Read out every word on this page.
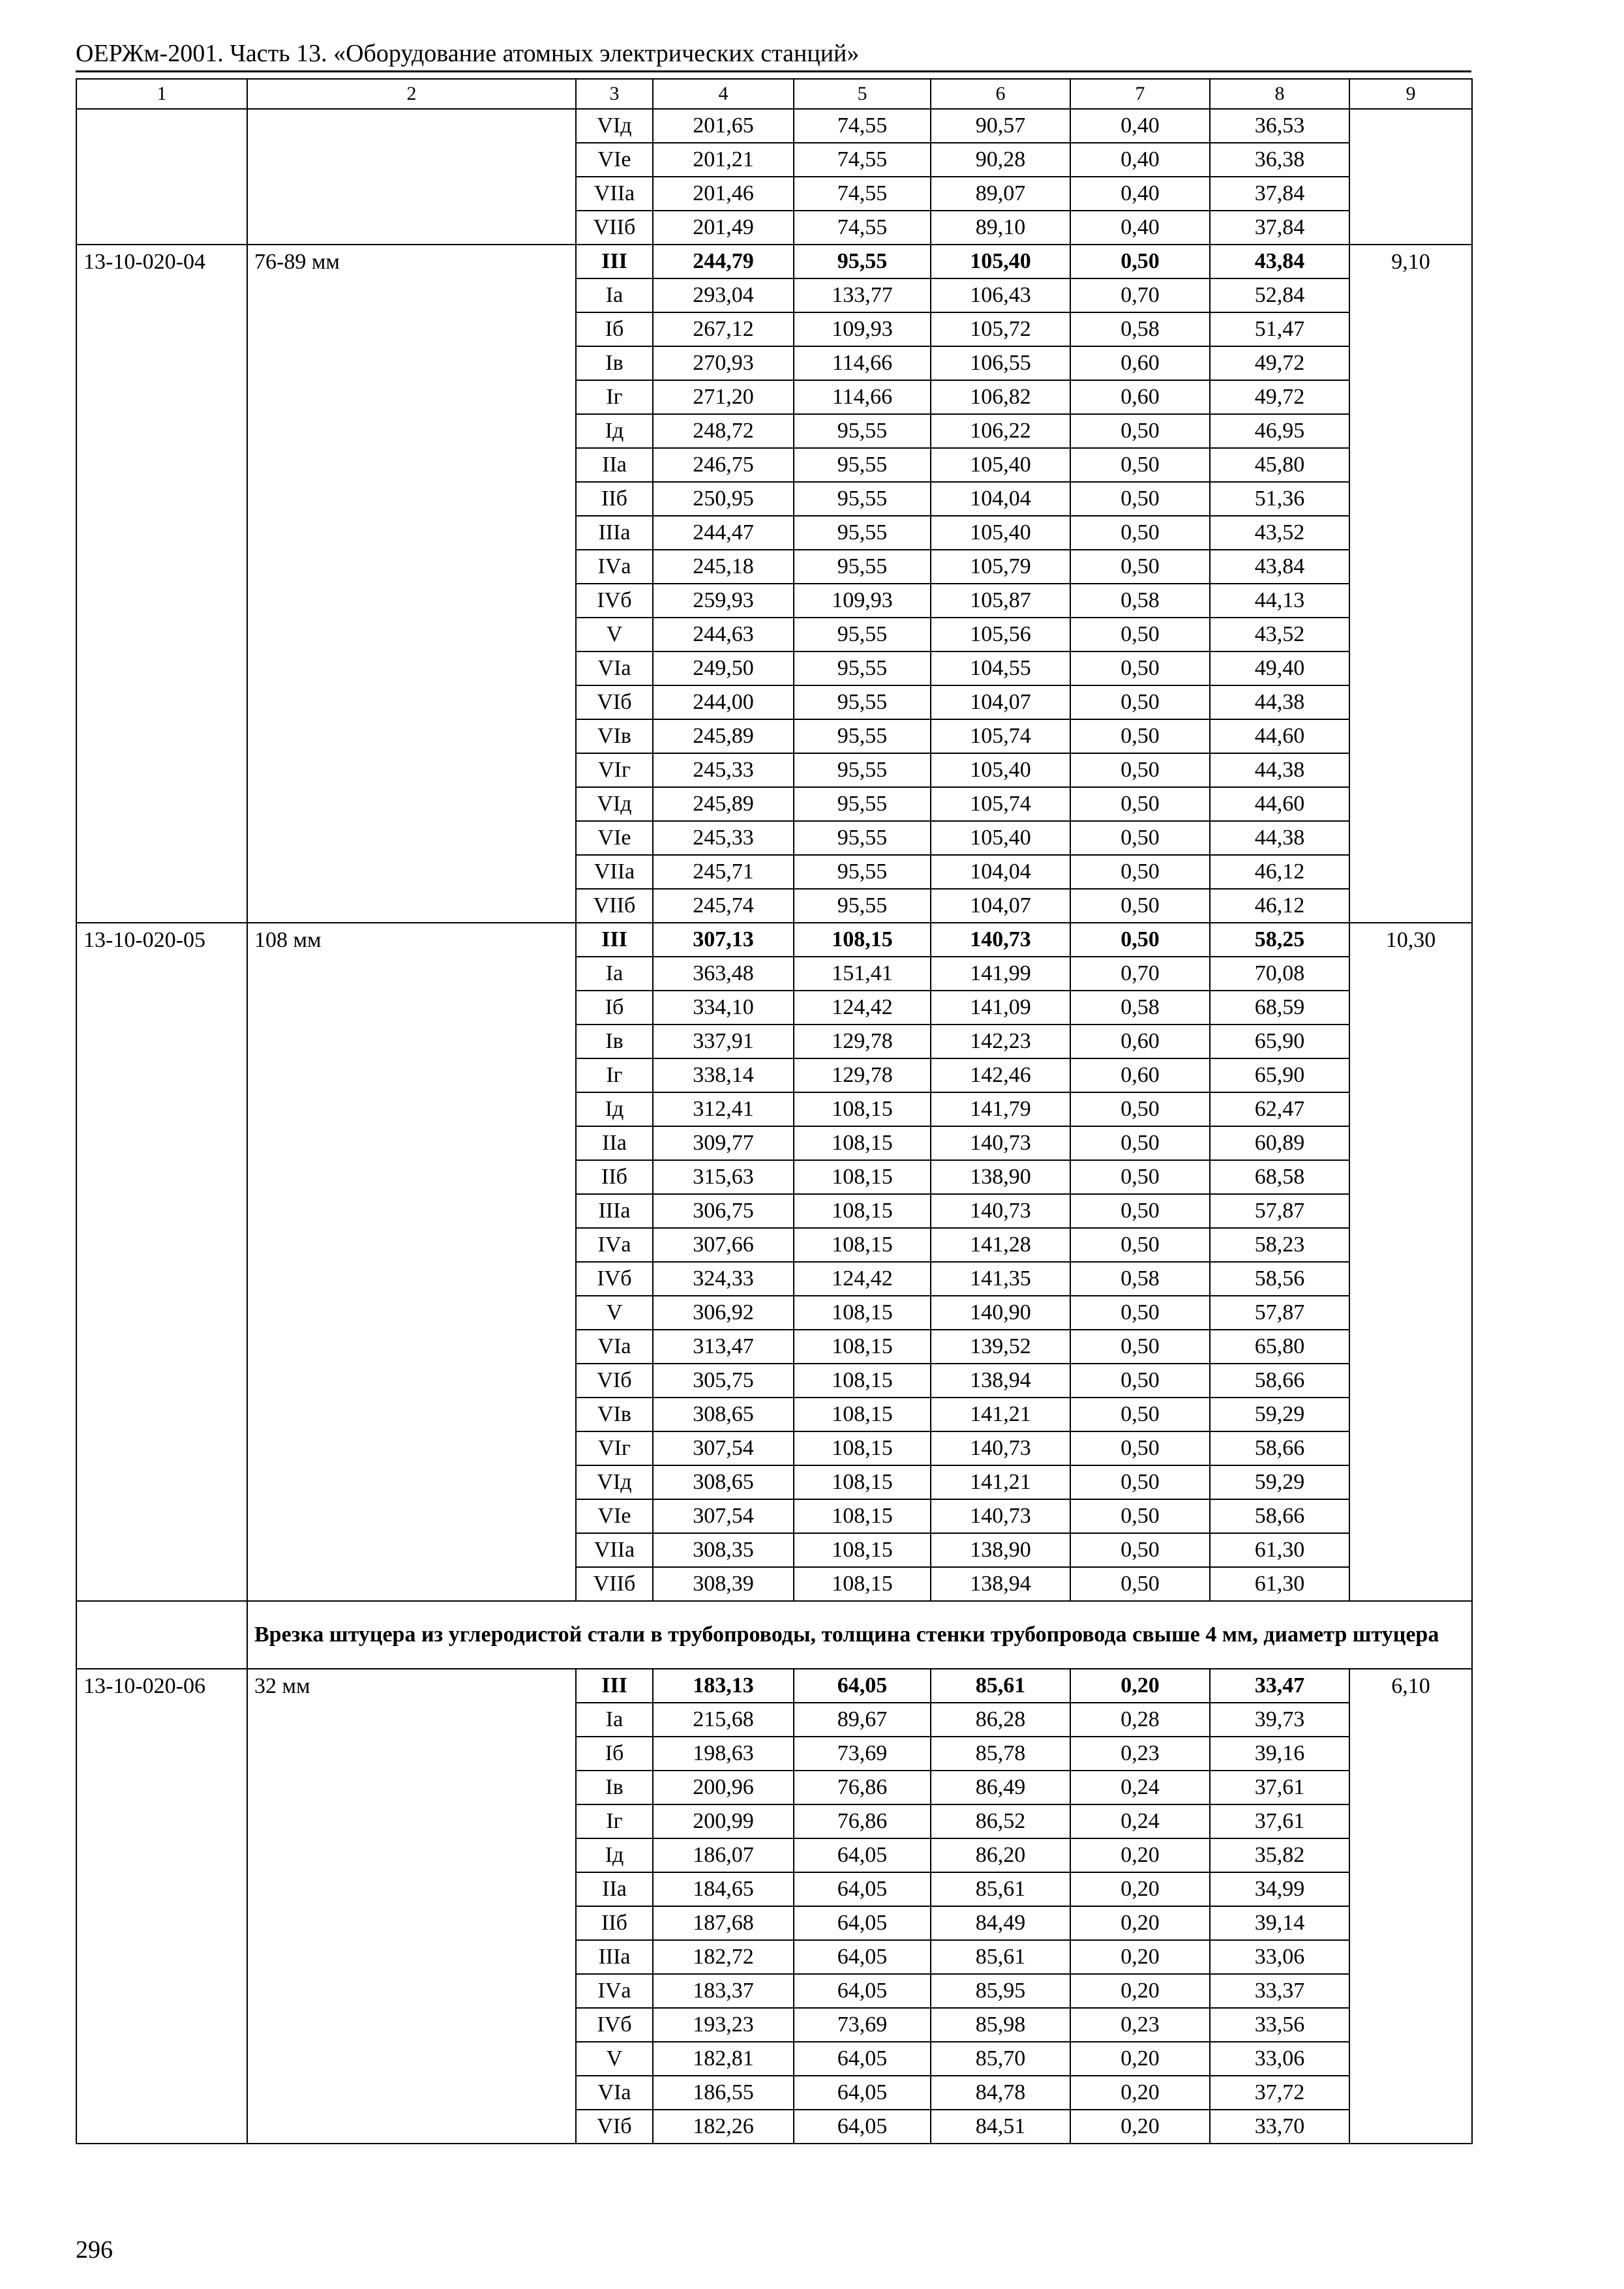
ОЕРЖм-2001. Часть 13. «Оборудование атомных электрических станций»
1	2	3	4	5	6	7	8	9
		VIд	201,65	74,55	90,57	0,40	36,53	
		VIе	201,21	74,55	90,28	0,40	36,38	
		VIIа	201,46	74,55	89,07	0,40	37,84	
		VIIб	201,49	74,55	89,10	0,40	37,84	
13-10-020-04	76-89 мм	III	244,79	95,55	105,40	0,50	43,84	9,10
		Iа	293,04	133,77	106,43	0,70	52,84	
		Iб	267,12	109,93	105,72	0,58	51,47	
		Iв	270,93	114,66	106,55	0,60	49,72	
		Iг	271,20	114,66	106,82	0,60	49,72	
		Iд	248,72	95,55	106,22	0,50	46,95	
		IIа	246,75	95,55	105,40	0,50	45,80	
		IIб	250,95	95,55	104,04	0,50	51,36	
		IIIа	244,47	95,55	105,40	0,50	43,52	
		IVа	245,18	95,55	105,79	0,50	43,84	
		IVб	259,93	109,93	105,87	0,58	44,13	
		V	244,63	95,55	105,56	0,50	43,52	
		VIа	249,50	95,55	104,55	0,50	49,40	
		VIб	244,00	95,55	104,07	0,50	44,38	
		VIв	245,89	95,55	105,74	0,50	44,60	
		VIг	245,33	95,55	105,40	0,50	44,38	
		VIд	245,89	95,55	105,74	0,50	44,60	
		VIе	245,33	95,55	105,40	0,50	44,38	
		VIIа	245,71	95,55	104,04	0,50	46,12	
		VIIб	245,74	95,55	104,07	0,50	46,12	
13-10-020-05	108 мм	III	307,13	108,15	140,73	0,50	58,25	10,30
		Iа	363,48	151,41	141,99	0,70	70,08	
		Iб	334,10	124,42	141,09	0,58	68,59	
		Iв	337,91	129,78	142,23	0,60	65,90	
		Iг	338,14	129,78	142,46	0,60	65,90	
		Iд	312,41	108,15	141,79	0,50	62,47	
		IIа	309,77	108,15	140,73	0,50	60,89	
		IIб	315,63	108,15	138,90	0,50	68,58	
		IIIа	306,75	108,15	140,73	0,50	57,87	
		IVа	307,66	108,15	141,28	0,50	58,23	
		IVб	324,33	124,42	141,35	0,58	58,56	
		V	306,92	108,15	140,90	0,50	57,87	
		VIа	313,47	108,15	139,52	0,50	65,80	
		VIб	305,75	108,15	138,94	0,50	58,66	
		VIв	308,65	108,15	141,21	0,50	59,29	
		VIг	307,54	108,15	140,73	0,50	58,66	
		VIд	308,65	108,15	141,21	0,50	59,29	
		VIе	307,54	108,15	140,73	0,50	58,66	
		VIIа	308,35	108,15	138,90	0,50	61,30	
		VIIб	308,39	108,15	138,94	0,50	61,30	
	Врезка штуцера из углеродистой стали в трубопроводы, толщина стенки трубопровода свыше 4 мм, диаметр штуцера							
13-10-020-06	32 мм	III	183,13	64,05	85,61	0,20	33,47	6,10
		Iа	215,68	89,67	86,28	0,28	39,73	
		Iб	198,63	73,69	85,78	0,23	39,16	
		Iв	200,96	76,86	86,49	0,24	37,61	
		Iг	200,99	76,86	86,52	0,24	37,61	
		Iд	186,07	64,05	86,20	0,20	35,82	
		IIа	184,65	64,05	85,61	0,20	34,99	
		IIб	187,68	64,05	84,49	0,20	39,14	
		IIIа	182,72	64,05	85,61	0,20	33,06	
		IVа	183,37	64,05	85,95	0,20	33,37	
		IVб	193,23	73,69	85,98	0,23	33,56	
		V	182,81	64,05	85,70	0,20	33,06	
		VIа	186,55	64,05	84,78	0,20	37,72	
		VIб	182,26	64,05	84,51	0,20	33,70	
296
